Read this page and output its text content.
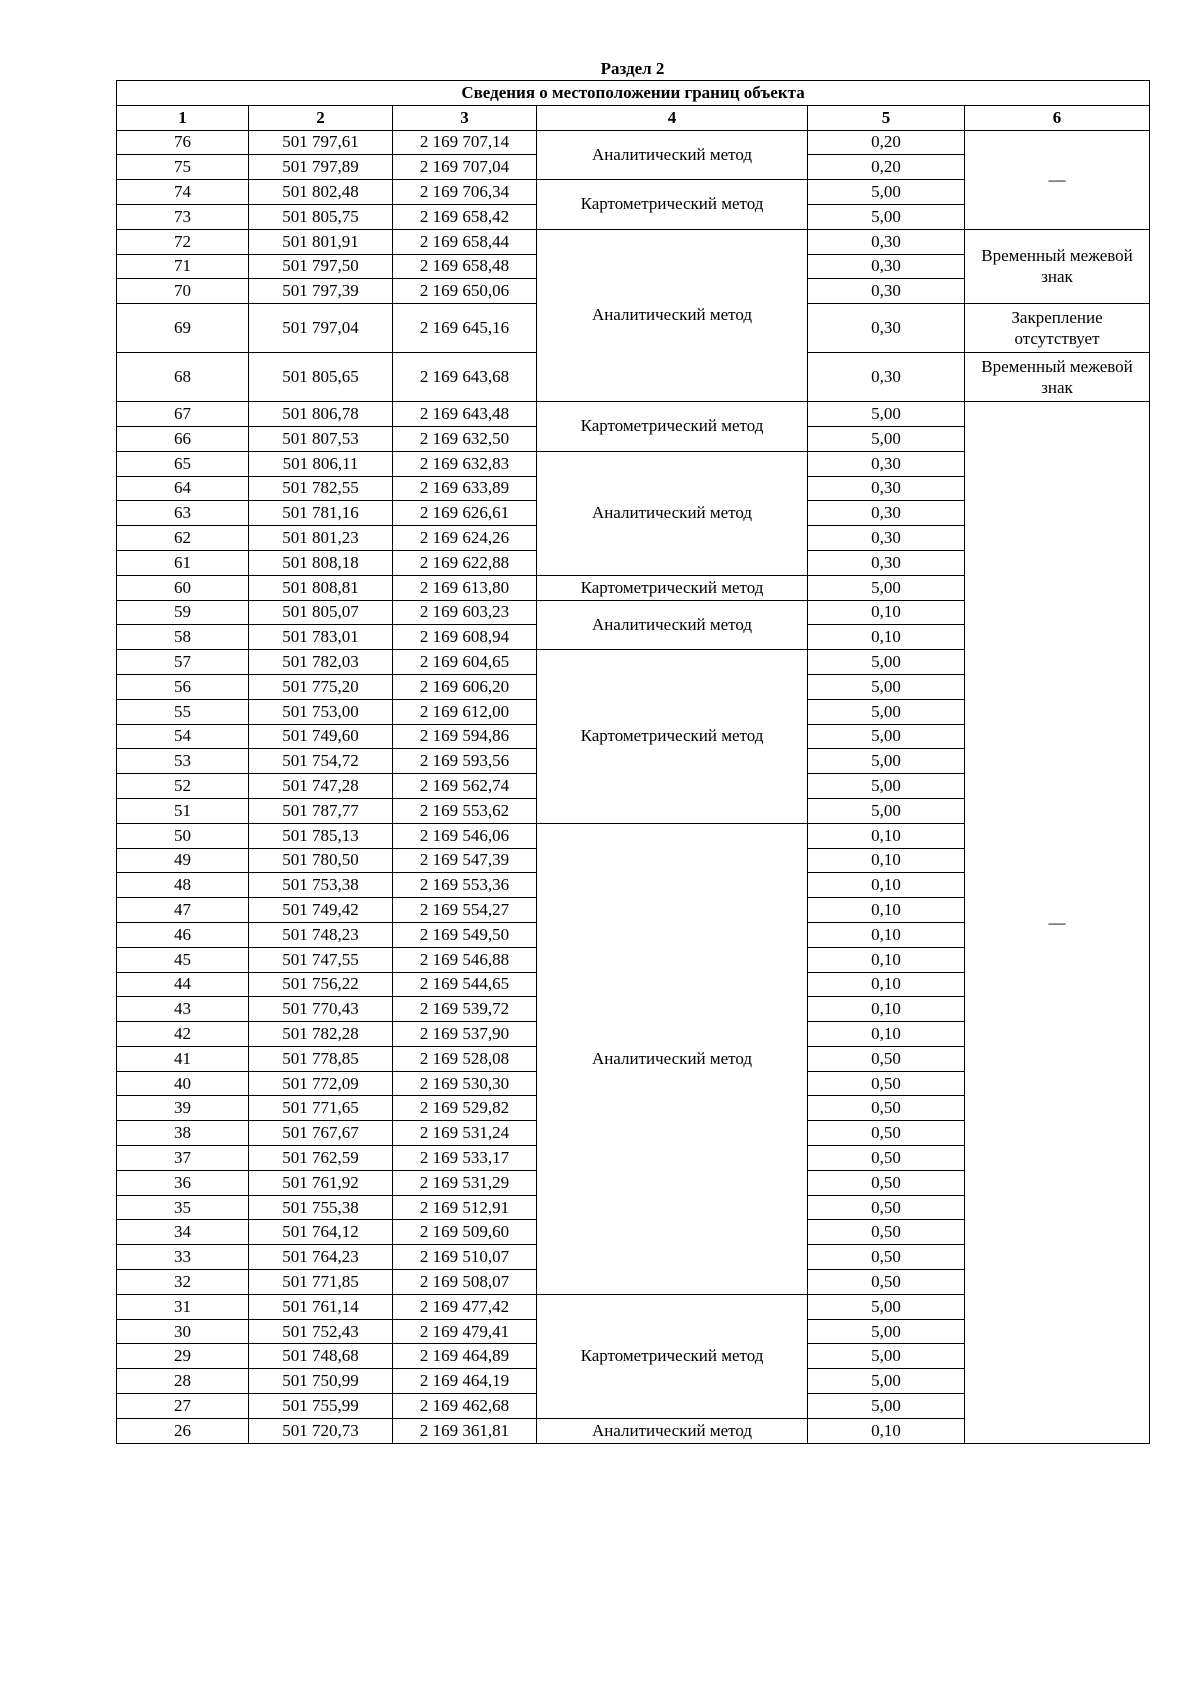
Раздел 2
Сведения о местоположении границ объекта					
1	2	3	4	5	6
76	501 797,61	2 169 707,14	Аналитический метод	0,20	—
75	501 797,89	2 169 707,04		0,20	
74	501 802,48	2 169 706,34	Картометрический метод	5,00	
73	501 805,75	2 169 658,42		5,00	
72	501 801,91	2 169 658,44	Аналитический метод	0,30	Временный межевой знак
71	501 797,50	2 169 658,48		0,30	
70	501 797,39	2 169 650,06		0,30	
69	501 797,04	2 169 645,16		0,30	Закрепление отсутствует
68	501 805,65	2 169 643,68		0,30	Временный межевой знак
67	501 806,78	2 169 643,48	Картометрический метод	5,00	—
66	501 807,53	2 169 632,50		5,00	
65	501 806,11	2 169 632,83	Аналитический метод	0,30	
64	501 782,55	2 169 633,89		0,30	
63	501 781,16	2 169 626,61		0,30	
62	501 801,23	2 169 624,26		0,30	
61	501 808,18	2 169 622,88		0,30	
60	501 808,81	2 169 613,80	Картометрический метод	5,00	
59	501 805,07	2 169 603,23	Аналитический метод	0,10	
58	501 783,01	2 169 608,94		0,10	
57	501 782,03	2 169 604,65	Картометрический метод	5,00	
56	501 775,20	2 169 606,20		5,00	
55	501 753,00	2 169 612,00		5,00	
54	501 749,60	2 169 594,86		5,00	
53	501 754,72	2 169 593,56		5,00	
52	501 747,28	2 169 562,74		5,00	
51	501 787,77	2 169 553,62		5,00	
50	501 785,13	2 169 546,06	Аналитический метод	0,10	
49	501 780,50	2 169 547,39		0,10	
48	501 753,38	2 169 553,36		0,10	
47	501 749,42	2 169 554,27		0,10	
46	501 748,23	2 169 549,50		0,10	
45	501 747,55	2 169 546,88		0,10	
44	501 756,22	2 169 544,65		0,10	
43	501 770,43	2 169 539,72		0,10	
42	501 782,28	2 169 537,90		0,10	
41	501 778,85	2 169 528,08		0,50	
40	501 772,09	2 169 530,30		0,50	
39	501 771,65	2 169 529,82		0,50	
38	501 767,67	2 169 531,24		0,50	
37	501 762,59	2 169 533,17		0,50	
36	501 761,92	2 169 531,29		0,50	
35	501 755,38	2 169 512,91		0,50	
34	501 764,12	2 169 509,60		0,50	
33	501 764,23	2 169 510,07		0,50	
32	501 771,85	2 169 508,07		0,50	
31	501 761,14	2 169 477,42	Картометрический метод	5,00	
30	501 752,43	2 169 479,41		5,00	
29	501 748,68	2 169 464,89		5,00	
28	501 750,99	2 169 464,19		5,00	
27	501 755,99	2 169 462,68		5,00	
26	501 720,73	2 169 361,81	Аналитический метод	0,10	
